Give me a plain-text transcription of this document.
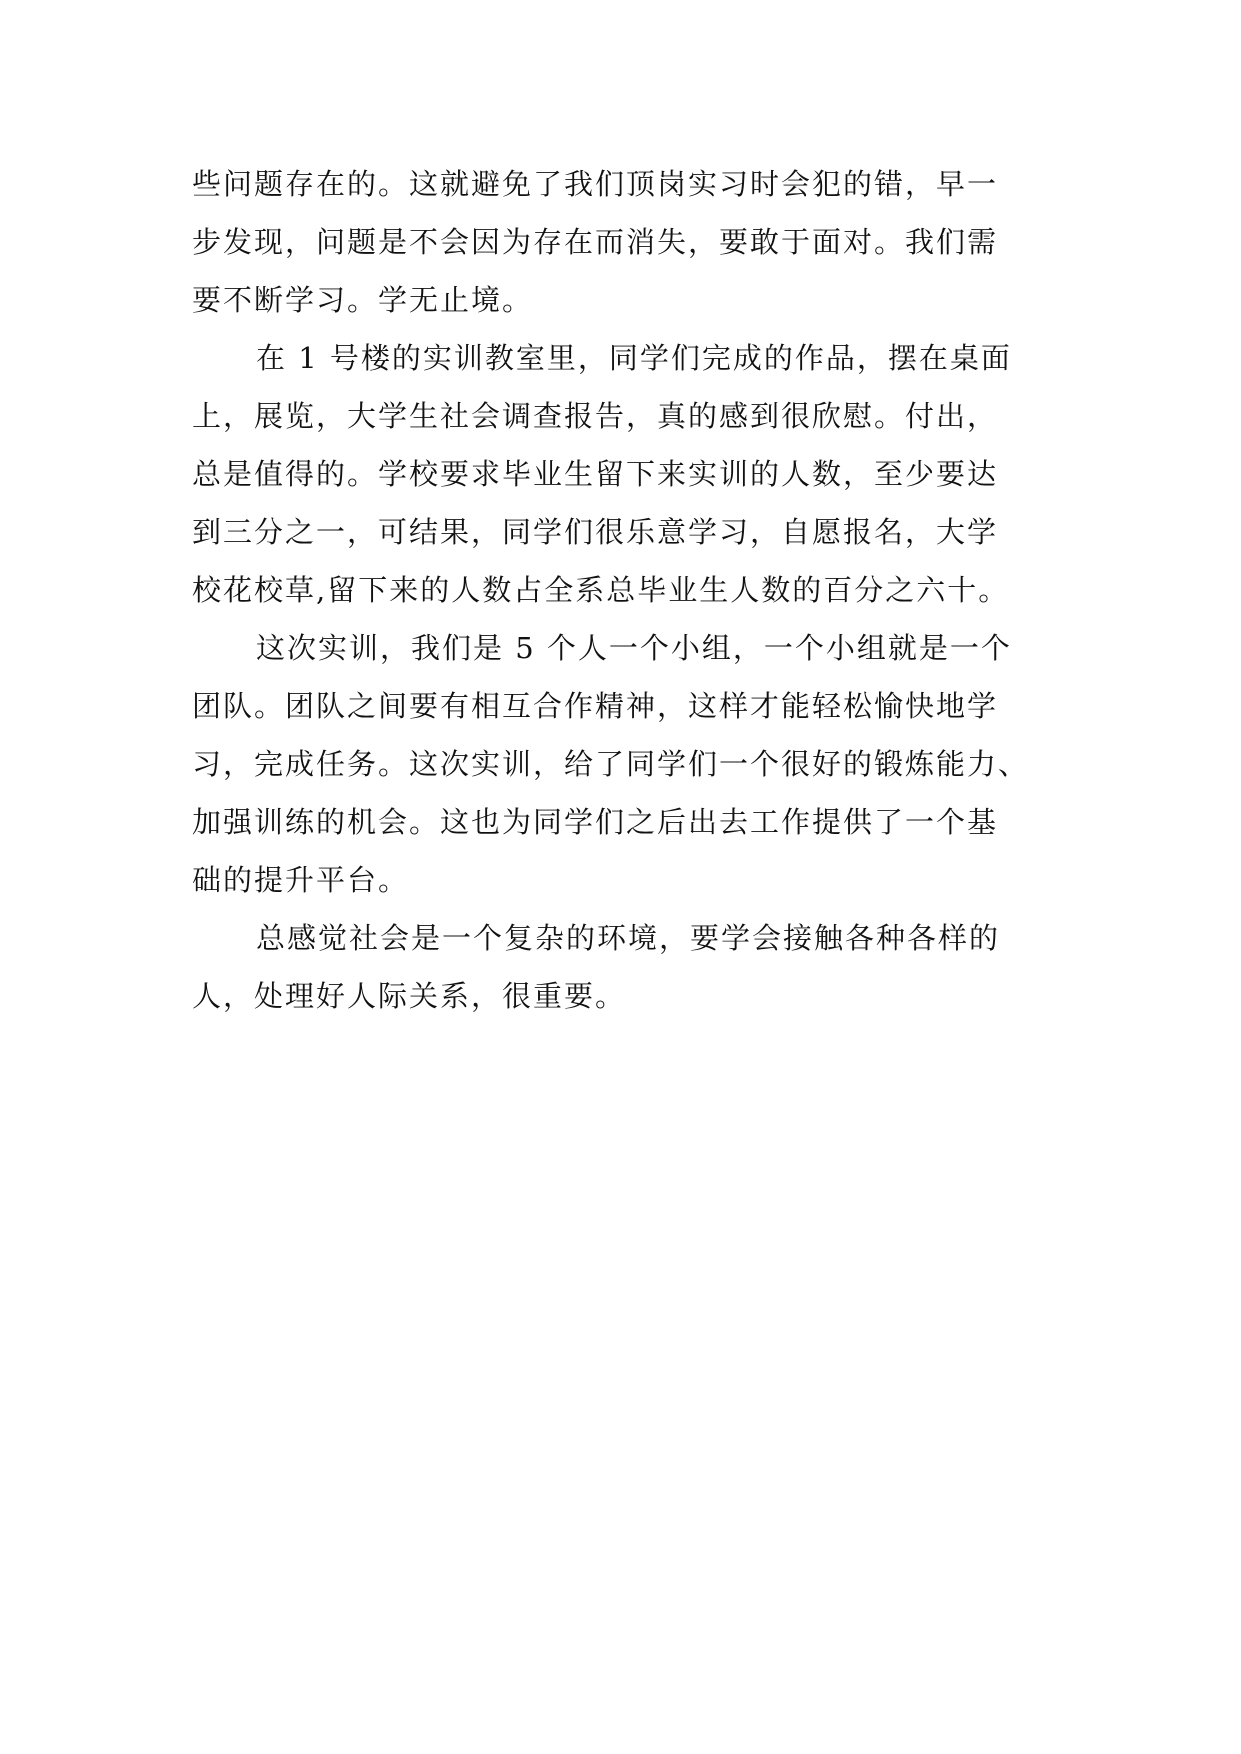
些问题存在的。这就避免了我们顶岗实习时会犯的错，早一
步发现，问题是不会因为存在而消失，要敢于面对。我们需
要不断学习。学无止境。
在 1 号楼的实训教室里，同学们完成的作品，摆在桌面
上，展览，大学生社会调查报告，真的感到很欣慰。付出，
总是值得的。学校要求毕业生留下来实训的人数，至少要达
到三分之一，可结果，同学们很乐意学习，自愿报名，大学
校花校草,留下来的人数占全系总毕业生人数的百分之六十。
这次实训，我们是 5 个人一个小组，一个小组就是一个
团队。团队之间要有相互合作精神，这样才能轻松愉快地学
习，完成任务。这次实训，给了同学们一个很好的锻炼能力、
加强训练的机会。这也为同学们之后出去工作提供了一个基
础的提升平台。
总感觉社会是一个复杂的环境，要学会接触各种各样的
人，处理好人际关系，很重要。
